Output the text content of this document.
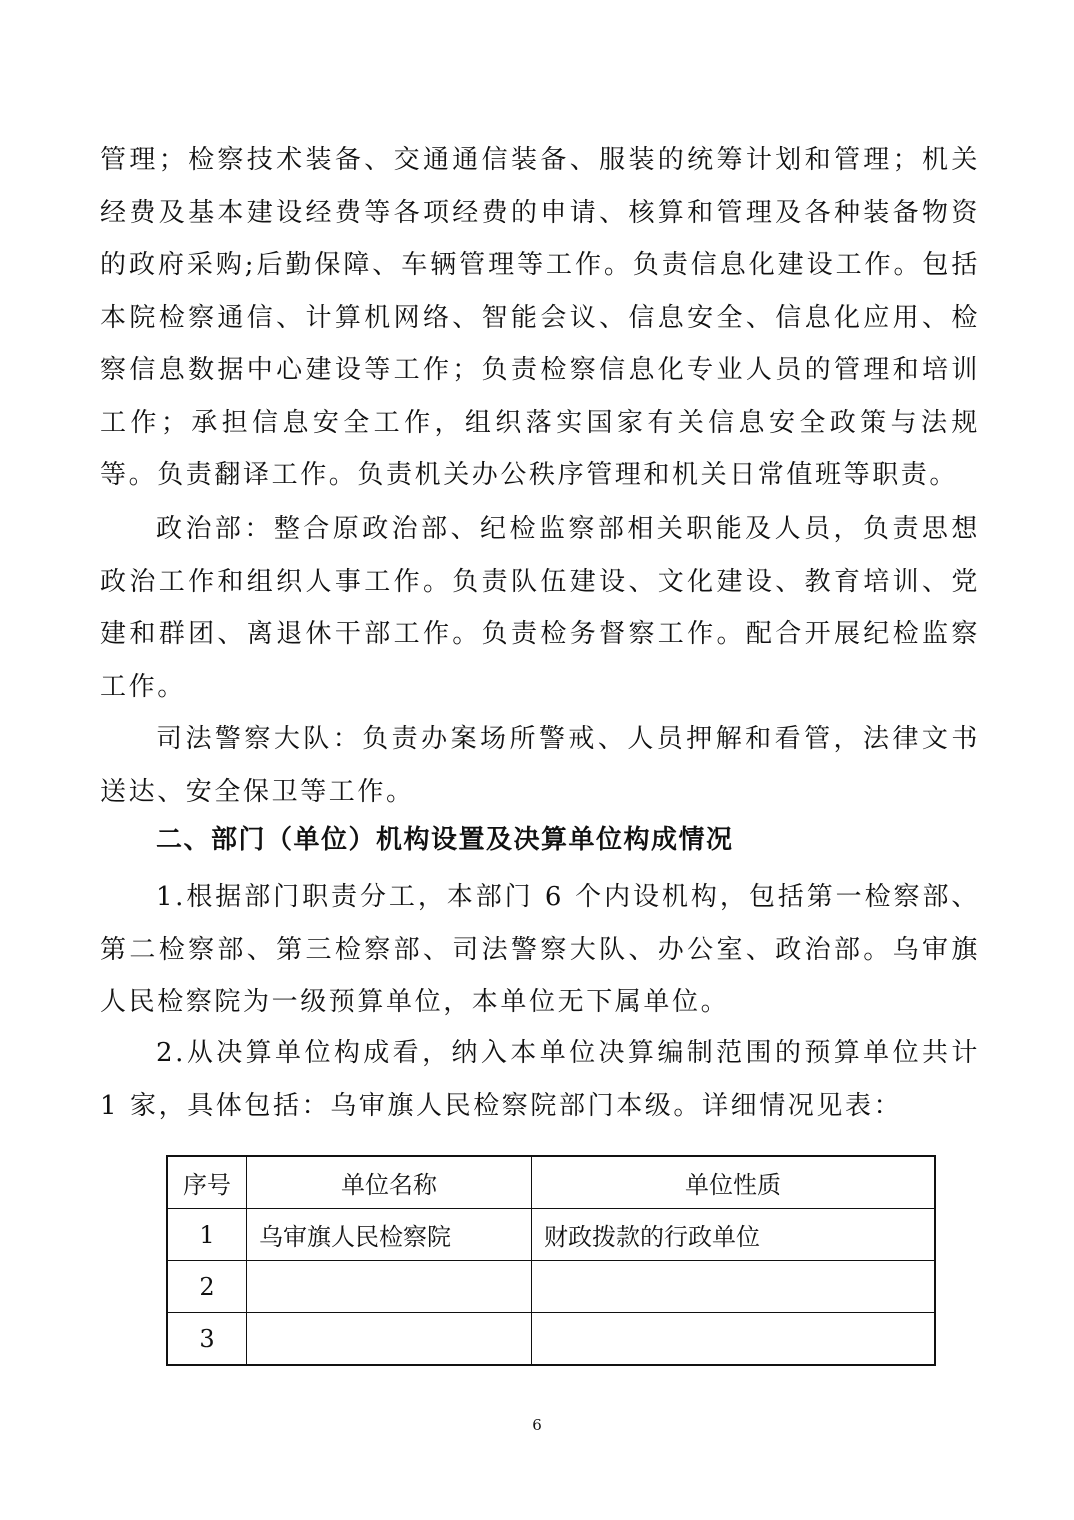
管理；检察技术装备、交通通信装备、服装的统筹计划和管理；机关经费及基本建设经费等各项经费的申请、核算和管理及各种装备物资的政府采购;后勤保障、车辆管理等工作。负责信息化建设工作。包括本院检察通信、计算机网络、智能会议、信息安全、信息化应用、检察信息数据中心建设等工作；负责检察信息化专业人员的管理和培训工作；承担信息安全工作，组织落实国家有关信息安全政策与法规等。负责翻译工作。负责机关办公秩序管理和机关日常值班等职责。

政治部：整合原政治部、纪检监察部相关职能及人员，负责思想政治工作和组织人事工作。负责队伍建设、文化建设、教育培训、党建和群团、离退休干部工作。负责检务督察工作。配合开展纪检监察工作。

司法警察大队：负责办案场所警戒、人员押解和看管，法律文书送达、安全保卫等工作。

二、部门（单位）机构设置及决算单位构成情况

1.根据部门职责分工，本部门 6 个内设机构，包括第一检察部、第二检察部、第三检察部、司法警察大队、办公室、政治部。乌审旗人民检察院为一级预算单位，本单位无下属单位。

2.从决算单位构成看，纳入本单位决算编制范围的预算单位共计 1 家，具体包括：乌审旗人民检察院部门本级。详细情况见表：

序号	单位名称	单位性质
1	乌审旗人民检察院	财政拨款的行政单位
2		
3		
6
